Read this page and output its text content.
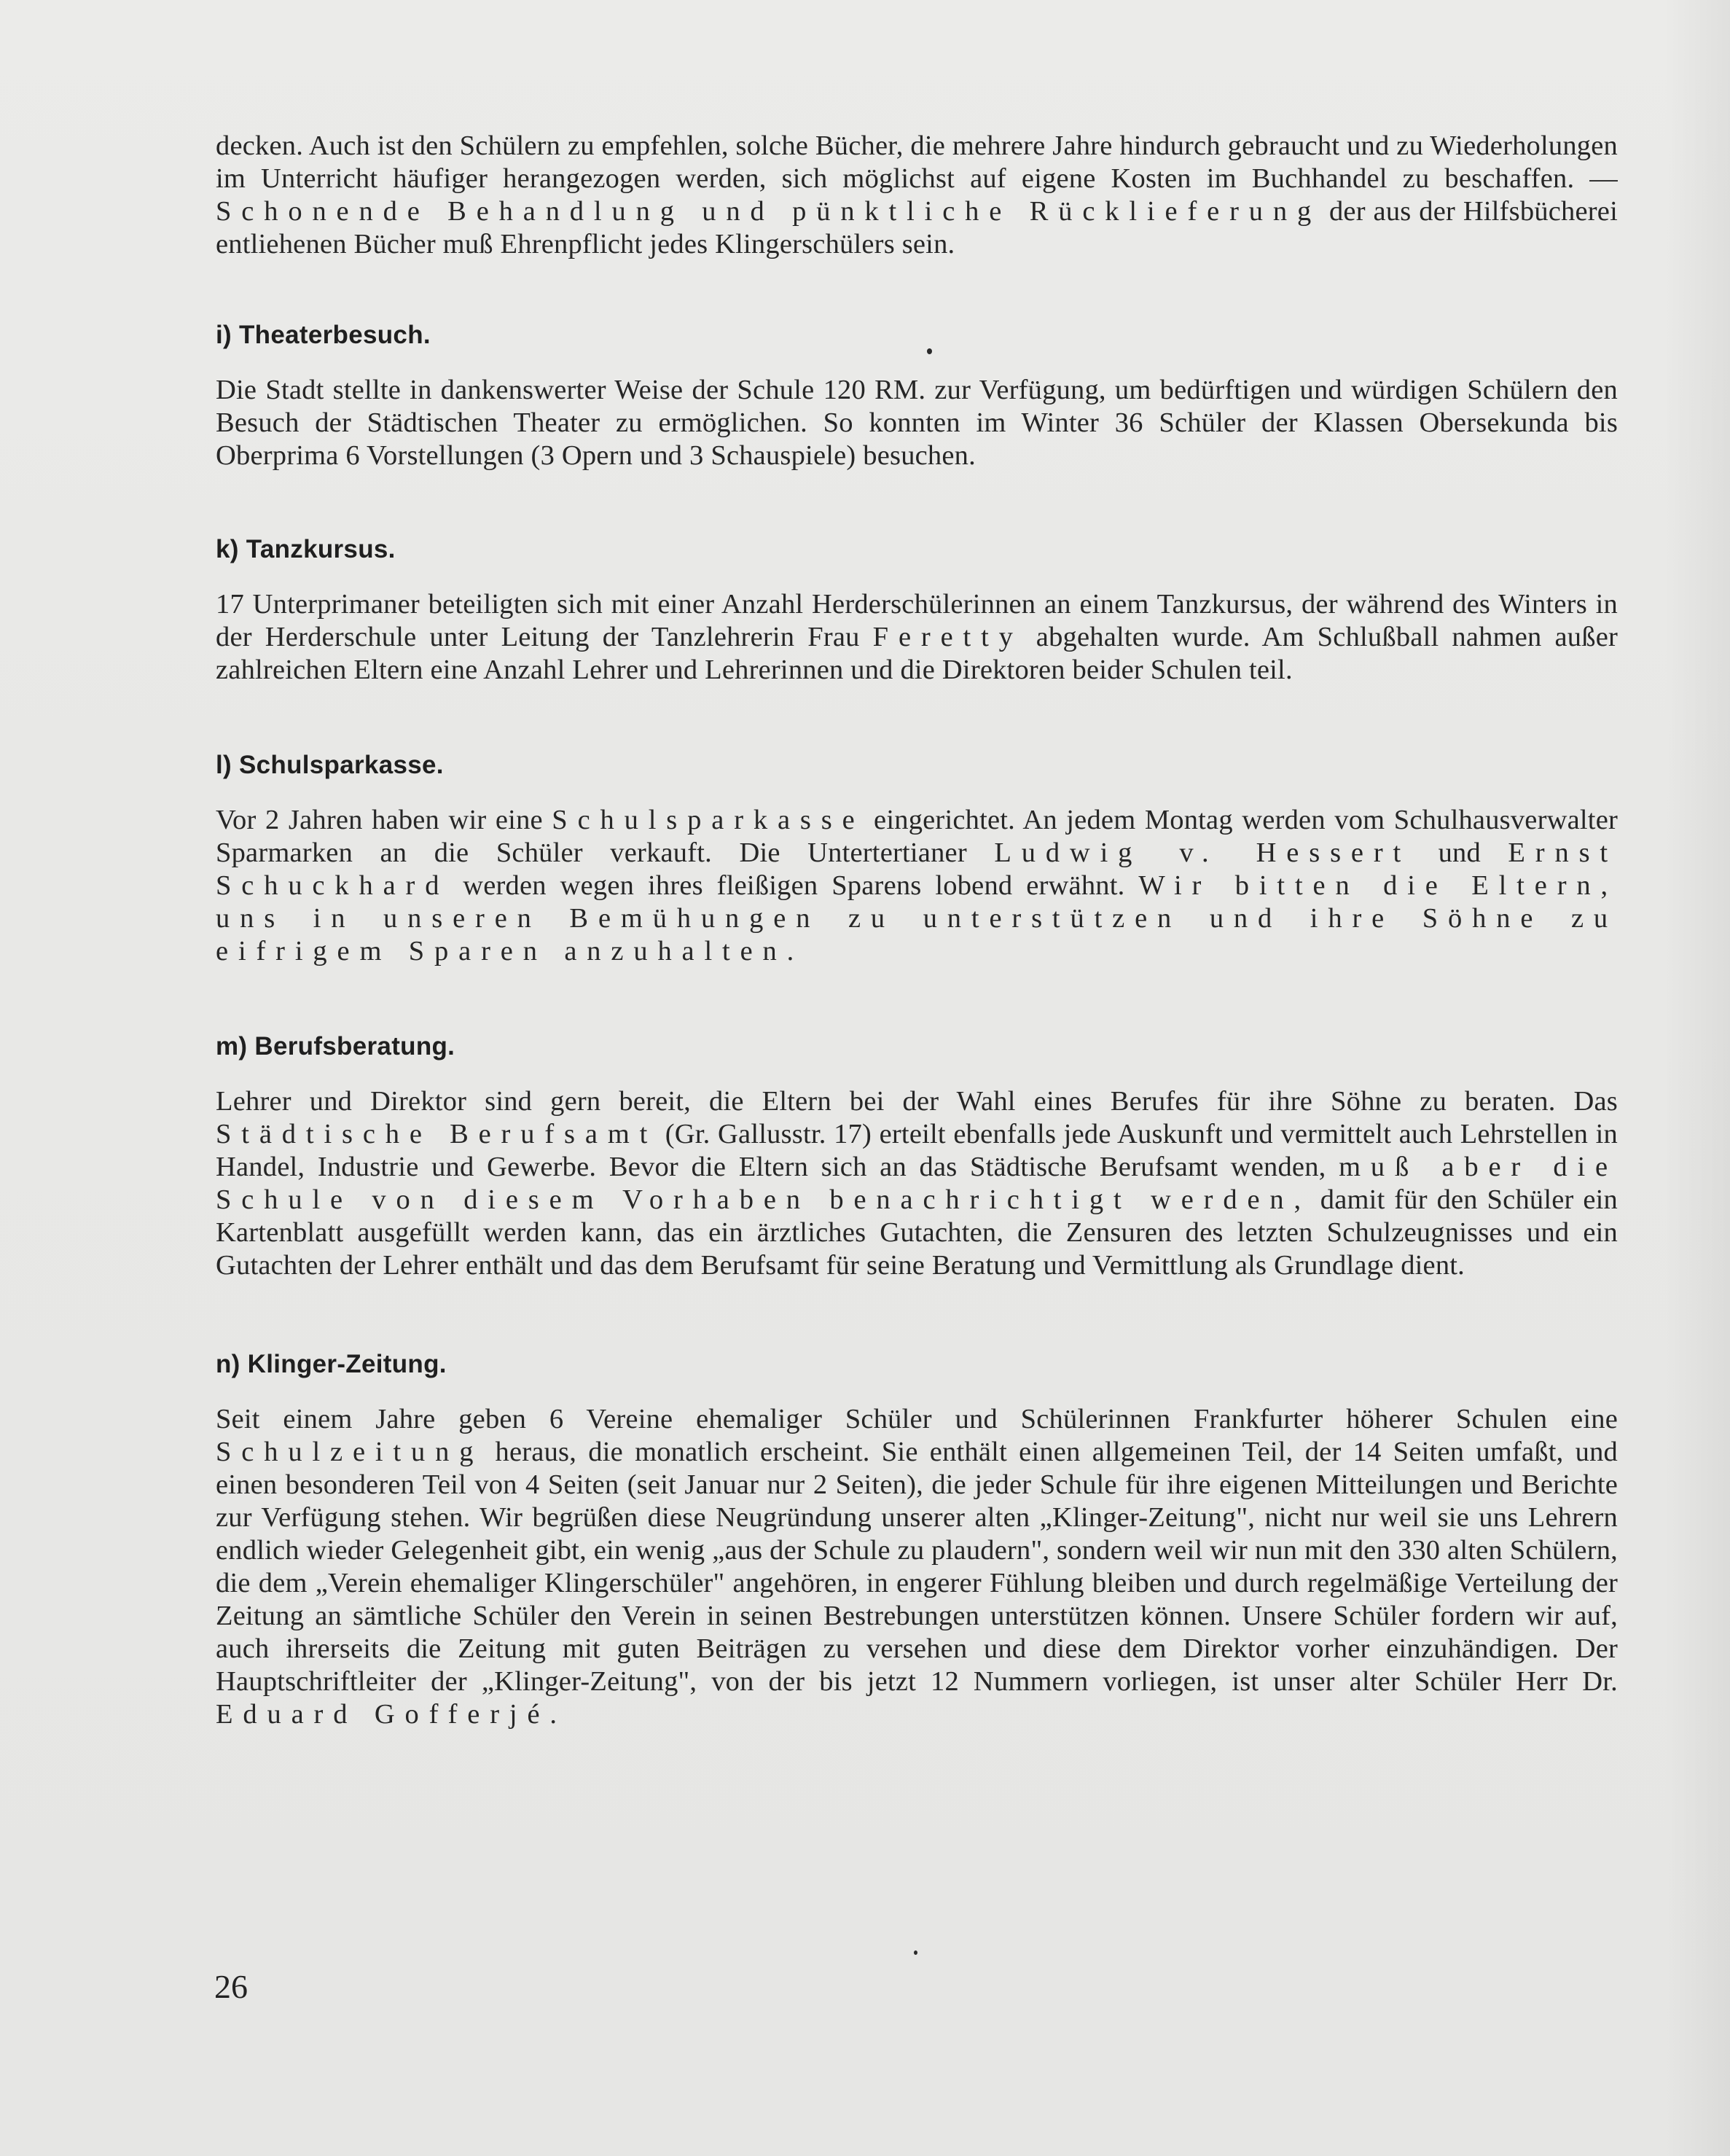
decken. Auch ist den Schülern zu empfehlen, solche Bücher, die mehrere Jahre hindurch gebraucht und zu Wiederholungen im Unterricht häufiger herangezogen werden, sich möglichst auf eigene Kosten im Buchhandel zu beschaffen. — Schonende Behandlung und pünktliche Rücklieferung der aus der Hilfsbücherei entliehenen Bücher muß Ehrenpflicht jedes Klingerschülers sein.

i) Theaterbesuch.

Die Stadt stellte in dankenswerter Weise der Schule 120 RM. zur Verfügung, um bedürftigen und würdigen Schülern den Besuch der Städtischen Theater zu ermöglichen. So konnten im Winter 36 Schüler der Klassen Obersekunda bis Oberprima 6 Vorstellungen (3 Opern und 3 Schauspiele) besuchen.

k) Tanzkursus.

17 Unterprimaner beteiligten sich mit einer Anzahl Herderschülerinnen an einem Tanzkursus, der während des Winters in der Herderschule unter Leitung der Tanzlehrerin Frau Feretty abgehalten wurde. Am Schlußball nahmen außer zahlreichen Eltern eine Anzahl Lehrer und Lehrerinnen und die Direktoren beider Schulen teil.

l) Schulsparkasse.

Vor 2 Jahren haben wir eine Schulsparkasse eingerichtet. An jedem Montag werden vom Schulhausverwalter Sparmarken an die Schüler verkauft. Die Untertertianer Ludwig v. Hessert und Ernst Schuckhard werden wegen ihres fleißigen Sparens lobend erwähnt. Wir bitten die Eltern, uns in unseren Bemühungen zu unterstützen und ihre Söhne zu eifrigem Sparen anzuhalten.

m) Berufsberatung.

Lehrer und Direktor sind gern bereit, die Eltern bei der Wahl eines Berufes für ihre Söhne zu beraten. Das Städtische Berufsamt (Gr. Gallusstr. 17) erteilt ebenfalls jede Auskunft und vermittelt auch Lehrstellen in Handel, Industrie und Gewerbe. Bevor die Eltern sich an das Städtische Berufsamt wenden, muß aber die Schule von diesem Vorhaben benachrichtigt werden, damit für den Schüler ein Kartenblatt ausgefüllt werden kann, das ein ärztliches Gutachten, die Zensuren des letzten Schulzeugnisses und ein Gutachten der Lehrer enthält und das dem Berufsamt für seine Beratung und Vermittlung als Grundlage dient.

n) Klinger-Zeitung.

Seit einem Jahre geben 6 Vereine ehemaliger Schüler und Schülerinnen Frankfurter höherer Schulen eine Schulzeitung heraus, die monatlich erscheint. Sie enthält einen allgemeinen Teil, der 14 Seiten umfaßt, und einen besonderen Teil von 4 Seiten (seit Januar nur 2 Seiten), die jeder Schule für ihre eigenen Mitteilungen und Berichte zur Verfügung stehen. Wir begrüßen diese Neugründung unserer alten „Klinger-Zeitung", nicht nur weil sie uns Lehrern endlich wieder Gelegenheit gibt, ein wenig „aus der Schule zu plaudern", sondern weil wir nun mit den 330 alten Schülern, die dem „Verein ehemaliger Klingerschüler" angehören, in engerer Fühlung bleiben und durch regelmäßige Verteilung der Zeitung an sämtliche Schüler den Verein in seinen Bestrebungen unterstützen können. Unsere Schüler fordern wir auf, auch ihrerseits die Zeitung mit guten Beiträgen zu versehen und diese dem Direktor vorher einzuhändigen. Der Hauptschriftleiter der „Klinger-Zeitung", von der bis jetzt 12 Nummern vorliegen, ist unser alter Schüler Herr Dr. Eduard Gofferjé.

26
